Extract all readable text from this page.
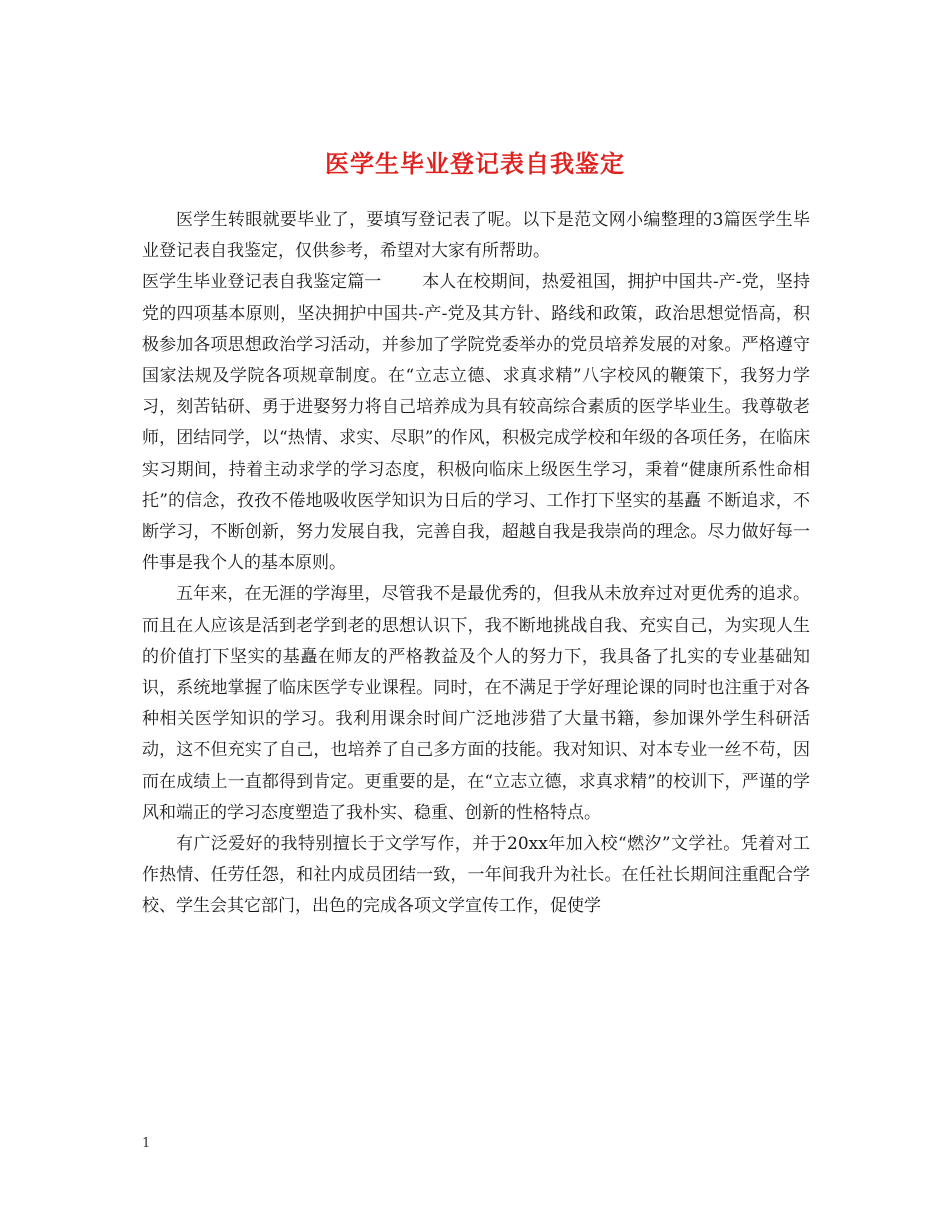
医学生毕业登记表自我鉴定

医学生转眼就要毕业了，要填写登记表了呢。以下是范文网小编整理的3篇医学生毕业登记表自我鉴定，仅供参考，希望对大家有所帮助。

医学生毕业登记表自我鉴定篇一 本人在校期间，热爱祖国，拥护中国共-产-党，坚持党的四项基本原则，坚决拥护中国共-产-党及其方针、路线和政策，政治思想觉悟高，积极参加各项思想政治学习活动，并参加了学院党委举办的党员培养发展的对象。严格遵守国家法规及学院各项规章制度。在“立志立德、求真求精”八字校风的鞭策下，我努力学习，刻苦钻研、勇于进娶努力将自己培养成为具有较高综合素质的医学毕业生。我尊敬老师，团结同学，以“热情、求实、尽职”的作风，积极完成学校和年级的各项任务，在临床实习期间，持着主动求学的学习态度，积极向临床上级医生学习，秉着“健康所系性命相托”的信念，孜孜不倦地吸收医学知识为日后的学习、工作打下坚实的基矗 不断追求，不断学习，不断创新，努力发展自我，完善自我，超越自我是我崇尚的理念。尽力做好每一件事是我个人的基本原则。

五年来，在无涯的学海里，尽管我不是最优秀的，但我从未放弃过对更优秀的追求。而且在人应该是活到老学到老的思想认识下，我不断地挑战自我、充实自己，为实现人生的价值打下坚实的基矗在师友的严格教益及个人的努力下，我具备了扎实的专业基础知识，系统地掌握了临床医学专业课程。同时，在不满足于学好理论课的同时也注重于对各种相关医学知识的学习。我利用课余时间广泛地涉猎了大量书籍，参加课外学生科研活动，这不但充实了自己，也培养了自己多方面的技能。我对知识、对本专业一丝不苟，因而在成绩上一直都得到肯定。更重要的是，在“立志立德，求真求精”的校训下，严谨的学风和端正的学习态度塑造了我朴实、稳重、创新的性格特点。

有广泛爱好的我特别擅长于文学写作，并于20xx年加入校“燃汐”文学社。凭着对工作热情、任劳任怨，和社内成员团结一致，一年间我升为社长。在任社长期间注重配合学校、学生会其它部门，出色的完成各项文学宣传工作，促使学

1
